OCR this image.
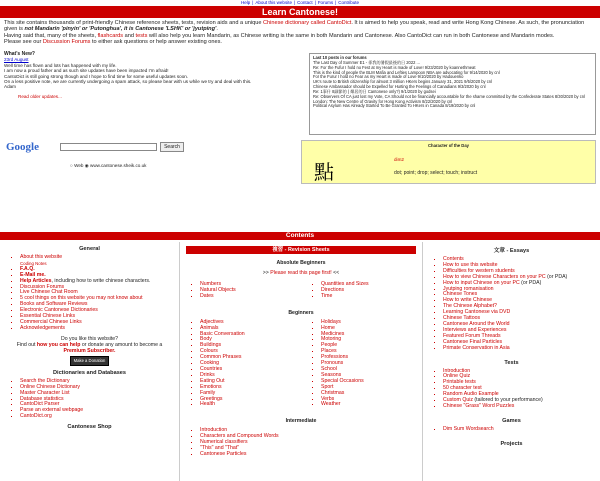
Help | About this website | Contact | Forums | Contribute
Learn Cantonese!
This site contains thousands of print-friendly Chinese reference sheets, tests, revision aids and a unique Chinese dictionary called CantoDict. It is aimed to help you speak, read and write Hong Kong Chinese. As such, the pronunciation given is not Mandarin 'pinyin' or 'Putonghua', it is Cantonese 'LSHK' or 'jyutping'.
Having said that, many of the sheets, flashcards and tests will also help you learn Mandarin, as Chinese writing is the same in both Mandarin and Cantonese. Also CantoDict can run in both Cantonese and Mandarin modes.
Please see our Discussion Forums to either ask questions or help answer existing ones.
What's New?
23rd August
Well time has flown and lots has happened with my life.
I am now a proud father and as such site updates have been impacted I'm afraid!
CantoDict is still going strong though and I hope to find time for some useful updates soon.
On a less positive note, we are currently undergoing a spam attack, so please bear with us while we try and deal with this.
Adam
Read older updates...
Last 10 posts in our forums
The Last Day of Summer E1 - 係我的暑假最後的日 2022 ...
Re: For the Fufur I hold no Fest at my Heart is made of Love! 9/23/2020 by koannethmeat
This is the kind of people the BLM Mafia and Lefties Lampoon NBA are advocating for 9/14/2020 by cnl
For the Furur I hold no Fear as my Heart is made of Love 9/10/2020 by Hadouenko
UK's route to British citizenship for almost 3 million HKers begins January 31, 2021 9/5/2020 by cnl
Chinese Ambassador should be Expelled for Hurting the Feelings of Canadians 9/3/2020 by cnl
Re: 1事什 8細節的 ( 鄰居的日 Cantonese only?) 9/1/2020 by godsei
Re: Observers Of CA just lost my Vote, CA Should not be financially accountable for the shame committed by the Confederate States 8/30/2020 by cnl
London: The New Centre of Gravity for Hong Kong Activism 8/22/2020 by cnl
Political Asylum Has Already Started To Be Granted To HKers in Canada 8/19/2020 by cnl
Google	Search
○ Web ◉ www.cantonese.sheik.co.uk
Character of the Day
點
dim2
dot; point; drop; select; touch; instruct
Contents
General
▪ About this website
Coding Notes
▪ F.A.Q.
▪ E-Mail me.
▪ Help Articles, including how to write chinese characters.
▪ Discussion Forums
▪ Live Chinese Chat Room
▪ 5 cool things on this website you may not know about
▪ Books and Software Reviews
▪ Electronic Cantonese Dictionaries
▪ Essential Chinese Links
▪ Commercial Chinese Links
▪ Acknowledgements
Do you like this website?
Find out how you can help or donate any amount to become a
Premium Subscriber.
Make a Donation
Dictionaries and Databases
▪ Search the Dictionary
▪ Online Chinese Dictionary
▪ Master Character List
▪ Database statistics
▪ CantoDict Parser
▪ Parse an external webpage
▪ CantoDict.org
Cantonese Shop
複習 - Revision Sheets
Absolute Beginners
>> Please read this page first! <<
▪ Numbers
▪ Natural Objects
▪ Dates
▪ Quantities and Sizes
▪ Directions
▪ Time
Beginners
▪ Adjectives
▪ Animals
▪ Basic Conversation
▪ Body
▪ Buildings
▪ Colours
▪ Common Phrases
▪ Cooking
▪ Countries
▪ Drinks
▪ Eating Out
▪ Emotions
▪ Family
▪ Greetings
▪ Health
▪ Holidays
▪ Home
▪ Medicines
▪ Motoring
▪ People
▪ Places
▪ Professions
▪ Pronouns
▪ School
▪ Seasons
▪ Special Occasions
▪ Sport
▪ Christmas
▪ Verbs
▪ Weather
Intermediate
▪ Introduction
▪ Characters and Compound Words
▪ Numerical classifiers
▪ "This" and "That"
▪ Cantonese Particles
文章 - Essays
▪ Contents
▪ How to use this website
▪ Difficulties for western students
▪ How to view Chinese Characters on your PC (or PDA)
▪ How to input Chinese on your PC (or PDA)
▪ Jyutping romanisation
▪ Chinese Tones
▪ How to write Chinese
▪ The Chinese Alphabet?
▪ Learning Cantonese via DVD
▪ Chinese Tattoos
▪ Cantonese Around the World
▪ Interviews and Experiences
▪ Featured Forum Threads
▪ Cantonese Final Particles
▪ Primate Conservation in Asia
Tests
▪ Introduction
▪ Online Quiz
▪ Printable tests
▪ 50 character test
▪ Random Audio Example
▪ Custom Quiz (tailored to your performance)
▪ Chinese "Grass" Word Puzzles
Games
▪ Dim Sum Wordsearch
Projects
